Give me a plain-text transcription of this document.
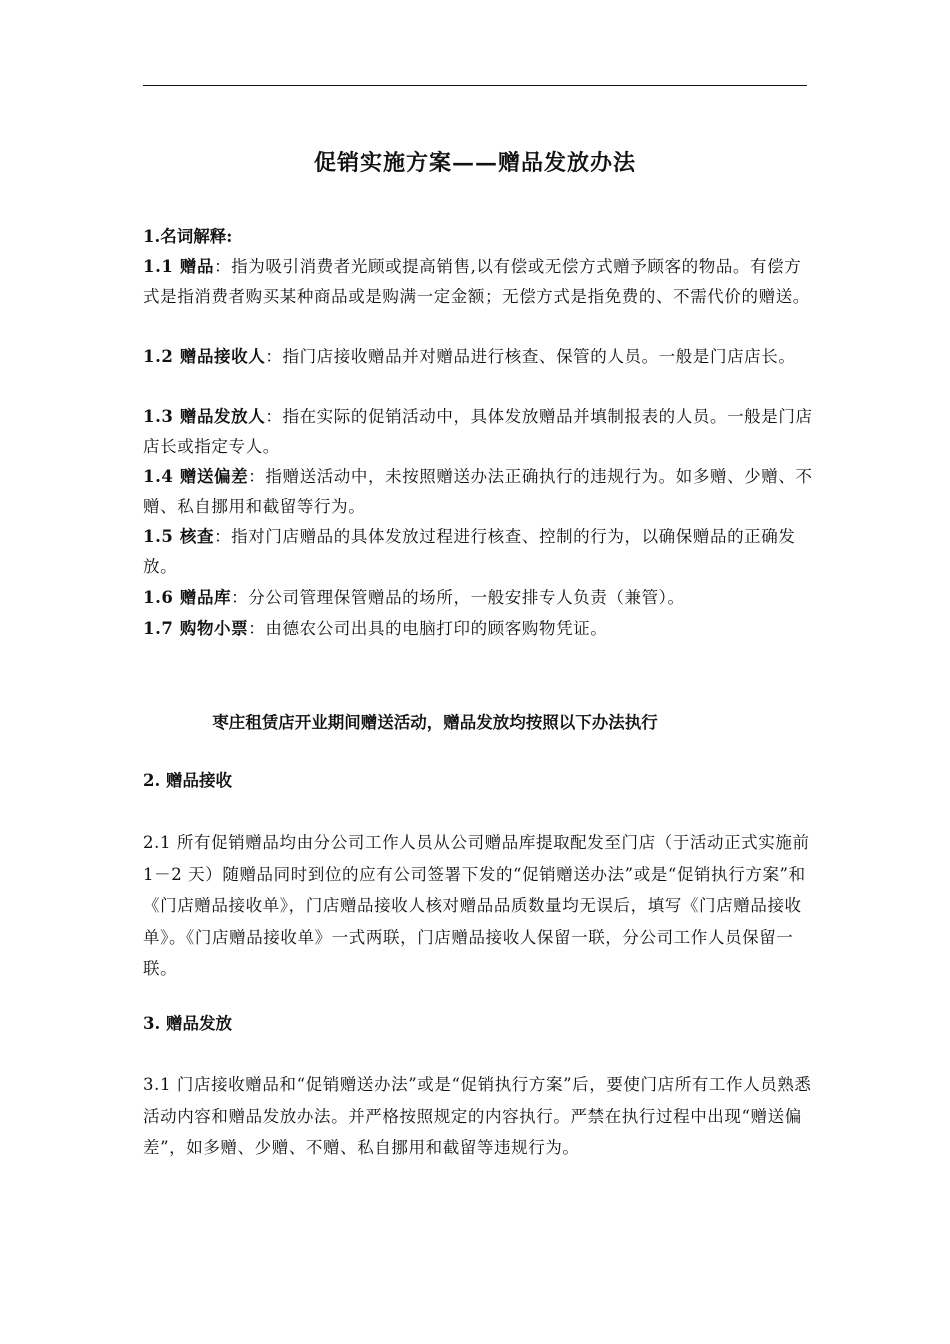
促销实施方案——赠品发放办法

1.名词解释:

1.1 赠品：指为吸引消费者光顾或提高销售,以有偿或无偿方式赠予顾客的物品。有偿方式是指消费者购买某种商品或是购满一定金额；无偿方式是指免费的、不需代价的赠送。

1.2 赠品接收人：指门店接收赠品并对赠品进行核查、保管的人员。一般是门店店长。

1.3 赠品发放人：指在实际的促销活动中，具体发放赠品并填制报表的人员。一般是门店店长或指定专人。

1.4 赠送偏差：指赠送活动中，未按照赠送办法正确执行的违规行为。如多赠、少赠、不赠、私自挪用和截留等行为。

1.5 核查：指对门店赠品的具体发放过程进行核查、控制的行为，以确保赠品的正确发放。

1.6 赠品库：分公司管理保管赠品的场所，一般安排专人负责（兼管）。

1.7 购物小票：由德农公司出具的电脑打印的顾客购物凭证。

枣庄租赁店开业期间赠送活动，赠品发放均按照以下办法执行

2. 赠品接收

2.1 所有促销赠品均由分公司工作人员从公司赠品库提取配发至门店（于活动正式实施前 1－2 天）随赠品同时到位的应有公司签署下发的“促销赠送办法”或是“促销执行方案”和《门店赠品接收单》，门店赠品接收人核对赠品品质数量均无误后，填写《门店赠品接收单》。《门店赠品接收单》一式两联，门店赠品接收人保留一联，分公司工作人员保留一联。

3. 赠品发放

3.1 门店接收赠品和“促销赠送办法”或是“促销执行方案”后，要使门店所有工作人员熟悉活动内容和赠品发放办法。并严格按照规定的内容执行。严禁在执行过程中出现“赠送偏差”，如多赠、少赠、不赠、私自挪用和截留等违规行为。
